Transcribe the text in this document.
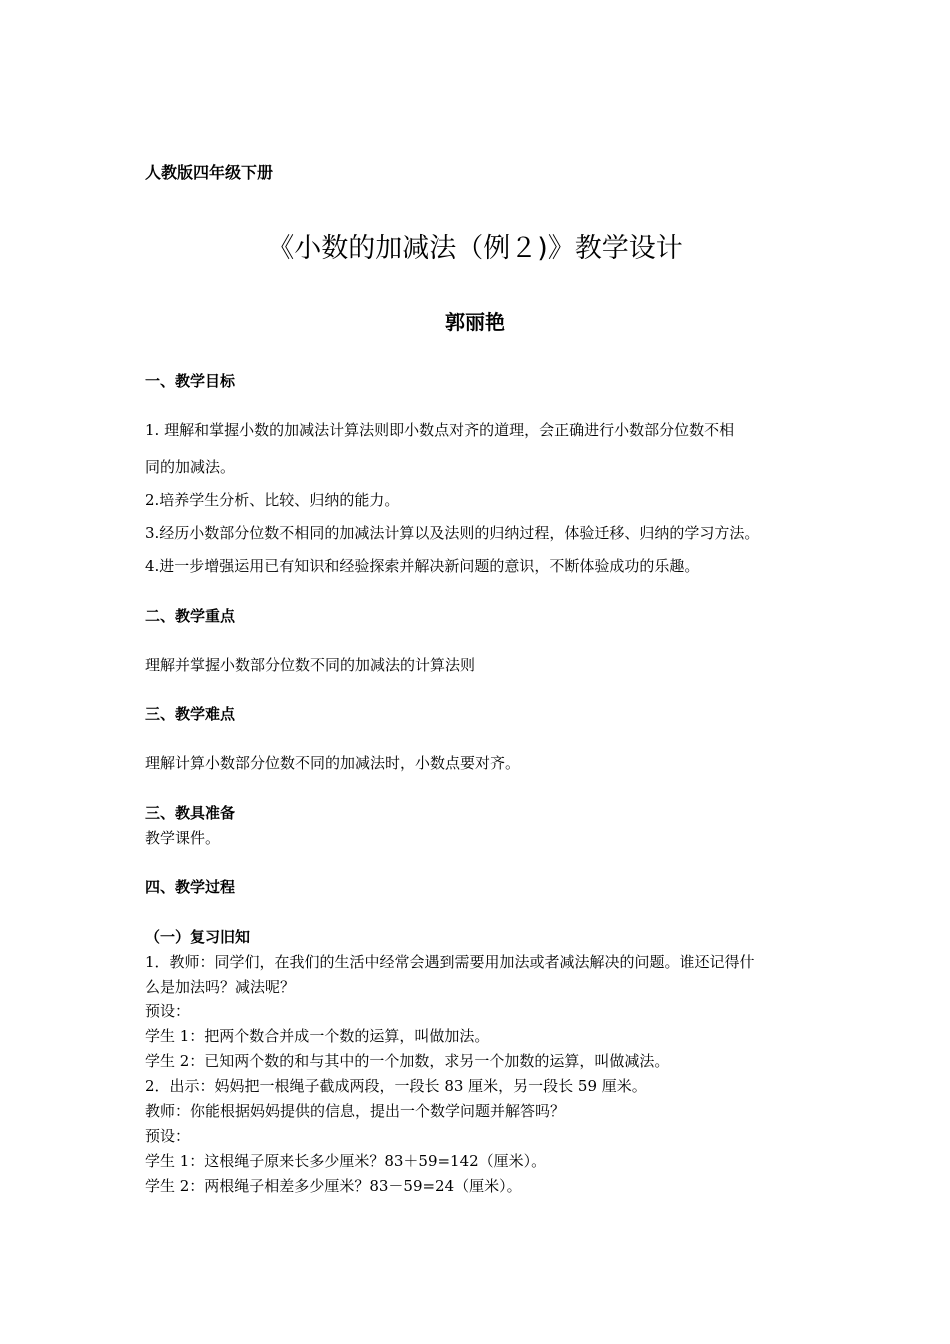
人教版四年级下册
《小数的加减法（例２)》教学设计
郭丽艳
一、教学目标
1. 理解和掌握小数的加减法计算法则即小数点对齐的道理，会正确进行小数部分位数不相
同的加减法。
2.培养学生分析、比较、归纳的能力。
3.经历小数部分位数不相同的加减法计算以及法则的归纳过程，体验迁移、归纳的学习方法。
4.进一步增强运用已有知识和经验探索并解决新问题的意识，不断体验成功的乐趣。
二、教学重点
理解并掌握小数部分位数不同的加减法的计算法则
三、教学难点
理解计算小数部分位数不同的加减法时，小数点要对齐。
三、教具准备
教学课件。
四、教学过程
（一）复习旧知
1．教师：同学们，在我们的生活中经常会遇到需要用加法或者减法解决的问题。谁还记得什
么是加法吗？减法呢？
预设：
学生 1：把两个数合并成一个数的运算，叫做加法。
学生 2：已知两个数的和与其中的一个加数，求另一个加数的运算，叫做减法。
2．出示：妈妈把一根绳子截成两段，一段长 83 厘米，另一段长 59 厘米。
教师：你能根据妈妈提供的信息，提出一个数学问题并解答吗？
预设：
学生 1：这根绳子原来长多少厘米？83＋59=142（厘米）。
学生 2：两根绳子相差多少厘米？83－59=24（厘米）。
